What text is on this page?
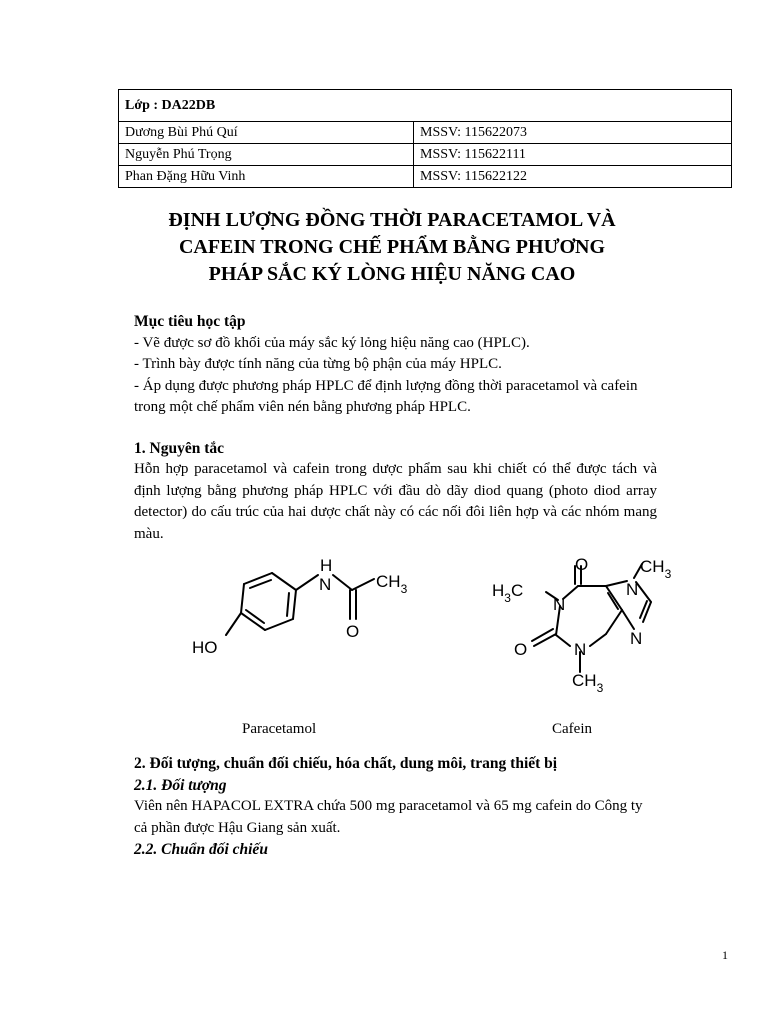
Lớp : DA22DB	
Dương Bùi Phú Quí	MSSV: 115622073
Nguyễn Phú Trọng	MSSV: 115622111
Phan Đặng Hữu Vinh	MSSV: 115622122
ĐỊNH LƯỢNG ĐỒNG THỜI PARACETAMOL VÀ
CAFEIN TRONG CHẾ PHẨM BẰNG PHƯƠNG
PHÁP SẮC KÝ LÒNG HIỆU NĂNG CAO

Mục tiêu học tập

- Vẽ được sơ đồ khối của máy sắc ký lỏng hiệu năng cao (HPLC).

- Trình bày được tính năng của từng bộ phận của máy HPLC.

- Áp dụng được phương pháp HPLC để định lượng đồng thời paracetamol và cafein trong một chế phẩm viên nén bằng phương pháp HPLC.

1. Nguyên tắc

Hỗn hợp paracetamol và cafein trong dược phẩm sau khi chiết có thể được tách và định lượng bằng phương pháp HPLC với đầu dò dãy diod quang (photo diod array detector) do cấu trúc của hai dược chất này có các nối đôi liên hợp và các nhóm mang màu.

H
N	$CH_3$
O
HO
O	$CH_3$
$H_3C$
N
N
N
N
O
$CH_3$
Paracetamol	Cafein

2. Đối tượng, chuẩn đối chiếu, hóa chất, dung môi, trang thiết bị

2.1. Đối tượng

Viên nên HAPACOL EXTRA chứa 500 mg paracetamol và 65 mg cafein do Công ty cả phần được Hậu Giang sản xuất.

2.2. Chuẩn đối chiếu

1
